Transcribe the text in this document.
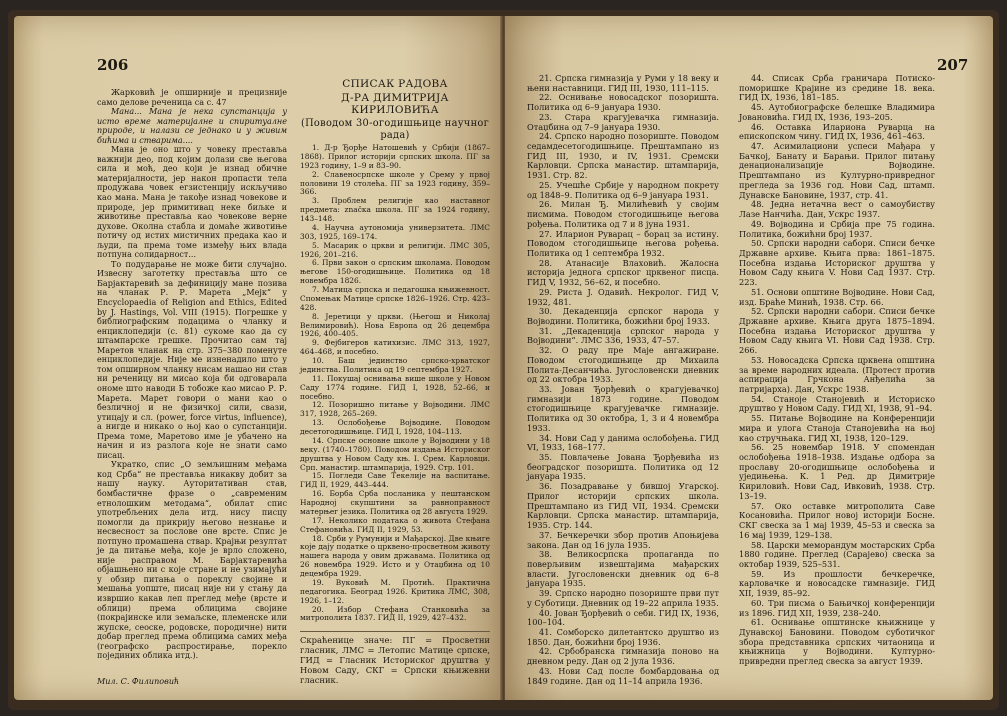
206

Жарковић је опширније и прецизније само делове реченица са с. 47

Мана... Мана је нека супстанција у исто време материјалне и спиритуалне природе, и налази се једнако и у живим бићима и стварима....

Мана је оно што у човеку преставља важнији део, под којим долази све његова сила и моћ, део који је изнад обичне материјалности, јер након пропасти тела продужава човек егзистенцију искључиво као мана. Мана је такође изнад човекове и природе, јер примитивац неке биљке и животиње преставља као човекове верне духове. Околна стабла и домаће животиње потичу од истих мистичних предака као и људи, па према томе између њих влада потпуна солидарност...

То подударање не може бити случајно. Извесну заготетку преставља што се Барјактаревић за дефиницију мане позива на чланак Р. Р. Марета „Мејк“ у Encyclopaedia of Religion and Ethics, Edited by J. Hastings, Vol. VIII (1915). Погрешке у библиографским подацима о чланку и енциклопедији (с. 81) сукоме као да су штампарске грешке. Прочитао сам тај Маретов чланак на стр. 375–380 поменуте енциклопедије. Није ме изненадило што у том опширном чланку нисам нашао ни став ни реченицу ни мисао која би одговарала ономе што наводи Б тобоже као мисао Р. Р. Марета. Марет говори о мани као о безличној и не физичкој сили, свази, утицају и сл. (power, force virtus, influence), а нигде и никако о њој као о супстанцији. Према томе, Маретово име је убачено на начин и из разлога које не знати само писац.

Укратко, спис „О земљишним међама код Срба“ не преставља никакву добит за нашу науку. Ауторитативан став, бомбастичне фразе о „савременим етнолошким методама“, обилат спис употребљених дела итд. нису писцу помогли да прикрију његово незнање и несвесност за послове оне врсте. Спис је потпуно промашена ствар. Крајњи резултат је да питање међа, које је врло сложено, није расправом М. Барјактаревића објашњено ни с које стране и не узимајући у обзир питања о пореклу својине и мешања уопште, писац није ни у стању да извршио какав леп преглед међе (врсте и облици) према облицима својине (покрајинске или земаљске, племенске или жупске, сеоске, родовске, породичне) нити добар преглед према облицима самих међа (географско распростирање, порекло појединих облика итд.).

Мил. С. Филиповић

СПИСАК РАДОВА
Д-РА ДИМИТРИЈА КИРИЛОВИЋА
(Поводом 30-огодишњице научног рада)

1. Д-р Ђорђе Натошевић у Србији (1867–1868). Прилог историји српских школа. ПГ за 1923 годину, 1–9 и 83–90.

2. Славеносрпске школе у Срему у првој половини 19 столећа. ПГ за 1923 годину, 359–366.

3. Проблем религије као наставног предмета: značка школа. ПГ за 1924 годину, 143–148.

4. Научна аутономија универзитета. ЛМС 303, 1925, 169–174.

5. Масарик о цркви и религији. ЛМС 305, 1926, 201–216.

6. Први закон о српским школама. Поводом његове 150-огодишњице. Политика од 18 новембра 1826.

7. Матица српска и педагошка књижевност. Спомењак Матице српске 1826–1926. Стр. 423–428.

8. Јеретици у цркви. (Његош и Николај Велимировић). Нова Европа од 26 децембра 1926, 400–405.

9. Фејбигеров катихизис. ЛМС 313, 1927, 464–468, и посебно.

10. Баш јединство српско-хрватског јединства. Политика од 19 септембра 1927.

11. Покушај оснивања више школе у Новом Саду 1774 године. ГИД I, 1928, 52–66, и посебно.

12. Позоришно питање у Војводини. ЛМС 317, 1928, 265–269.

13. Ослобођење Војводине. Поводом десетогодишњице. ГИД I, 1928, 104–113.

14. Српске основне школе у Војводини у 18 веку. (1740–1780). Поводом издања Историског друштва у Новом Саду књ. I. Срем. Карловци. Срп. манастир. штампарија, 1929. Стр. 101.

15. Погледи Саве Текелије на васпитање. ГИД II, 1929, 443–444.

16. Борба Срба посланика у пештанском Народној скупштини за равноправност матерњег језика. Политика од 28 августа 1929.

17. Неколико података о живота Стефана Стефановића. ГИД II, 1929, 53.

18. Срби у Румунији и Мађарској. Две књиге које дају податке о црквено-просветном животу нашега народа у овим државама. Политика од 26 новембра 1929. Исто и у Отаџбина од 10 децембра 1929.

19. Вуковић М. Протић. Практична педагогика. Београд 1926. Критика ЛМС, 308, 1926, 1–12.

20. Избор Стефана Станковића за митрополита 1837. ГИД II, 1929, 427–432.

Скраћенице значе: ПГ = Просветни гласник, ЛМС = Летопис Матице српске, ГИД = Гласник Историског друштва у Новом Саду, СКГ = Српски књижевни гласник.

207

21. Српска гимназија у Руми у 18 веку и њени наставници. ГИД III, 1930, 111–115.

22. Оснивање новосадског позоришта. Политика од 6–9 јануара 1930.

23. Стара крагујевачка гимназија. Отаџбина од 7–9 јануара 1930.

24. Српско народно позориште. Поводом седамдесетогодишњице. Прештампано из ГИД III, 1930, и IV, 1931. Сремски Карловци. Српска манастир. штампарија, 1931. Стр. 82.

25. Учешће Србије у народном покрету од 1848–9. Политика од 6–9 јануара 1931.

26. Милан Ђ. Милићевић у својим писмима. Поводом стогодишњице његова рођења. Политика од 7 и 8 јуна 1931.

27. Иларион Руварац – борац за истину. Поводом стогодишњице његова рођења. Политика од 1 септембра 1932.

28. Атанасије Влаховић. Жалосна историја једнога српског црквеног писца. ГИД V, 1932, 56–62, и посебно.

29. Риста J. Одавић. Некролог. ГИД V, 1932, 481.

30. Декаденција српског народа у Војводини. Политика, божићни број 1933.

31. „Декаденција српског народа у Војводини“. ЛМС 336, 1933, 47–57.

32. О раду пре Маје ангажиране. Поводом стогодишњице др Михаила Полита-Десанчића. Југословенски дневник од 22 октобра 1933.

33. Јован Ђорђевић о крагујевачкој гимназији 1873 године. Поводом стогодишњице крагујевачке гимназије. Политика од 30 октобра, 1, 3 и 4 новембра 1933.

34. Нови Сад у данима ослобођења. ГИД VI, 1933, 168–177.

35. Повлачење Јована Ђорђевића из београдског позоришта. Политика од 12 јануара 1935.

36. Позадравање у бившој Угарској. Прилог историји српских школа. Прештампано из ГИД VII, 1934. Сремски Карловци. Српска манастир. штампарија, 1935. Стр. 144.

37. Бечкеречки збор против Апоњијева закона. Дан од 16 јула 1935.

38. Великосрпска пропаганда по поверљивим извештајима мађарских власти. Југословенски дневник од 6–8 јануара 1935.

39. Српско народно позориште први пут у Суботици. Дневник од 19–22 априла 1935.

40. Јован Ђорђевић о себи. ГИД IX, 1936, 100–104.

41. Сомборско дилетантско друштво из 1850. Дан, божићни број 1936.

42. Србобранска гимназија поново на дневном реду. Дан од 2 јула 1936.

43. Нови Сад после бомбардовања од 1849 године. Дан од 11–14 априла 1936.

44. Списак Срба граничара Потиско-поморишке Крајине из средине 18. века. ГИД IX, 1936, 181–185.

45. Аутобиографске белешке Владимира Јовановића. ГИД IX, 1936, 193–205.

46. Оставка Илариона Руварца на епископском чину. ГИД IX, 1936, 461–463.

47. Асимилациони успеси Мађара у Бачкој, Банату и Барањи. Прилог питању денационализације Војводине. Прештампано из Културно-привредног прегледа за 1936 год. Нови Сад, штамп. Дунавске Бановине, 1937, стр. 41.

48. Једна нетачна вест о самоубиству Лазе Нанчића. Дан, Ускрс 1937.

49. Војводина и Србија пре 75 година. Политика, божићни број 1937.

50. Српски народни сабори. Списи бечке Државне архиве. Књига прва: 1861–1875. Посебна издања Историског друштва у Новом Саду књига V. Нови Сад 1937. Стр. 223.

51. Основи општине Војводине. Нови Сад, изд. Браће Минић, 1938. Стр. 66.

52. Српски народни сабори. Списи бечке Државне архиве. Књига друга 1875–1894. Посебна издања Историског друштва у Новом Саду књига VI. Нови Сад 1938. Стр. 266.

53. Новосадска Српска црквена општина за време народних идеала. (Протест против аспирација Грчкона Анђелића за патријарха). Дан, Ускрс 1938.

54. Станоје Станојевић и Историско друштво у Новом Саду. ГИД XI, 1938, 91–94.

55. Питање Војводине на Конференцији мира и улога Станоја Станојевића на њој као стручњака. ГИД XI, 1938, 120–129.

56. 25 новембар 1918. У спомендан ослобођења 1918–1938. Издање одбора за прославу 20-огодишњице ослобођења и уједињења. К. 1 Ред. др Димитрије Кириловић. Нови Сад, Ивковић, 1938. Стр. 13–19.

57. Око оставке митрополита Саве Косановића. Прилог новој историји Босне. СКГ свеска за 1 мај 1939, 45–53 и свеска за 16 мај 1939, 129–138.

58. Царски меморандум мостарских Срба 1880 године. Преглед (Сарајево) свеска за октобар 1939, 525–531.

59. Из прошлости бечкеречке, карловачке и новосадске гимназије. ГИД XII, 1939, 85–92.

60. Три писма о Бањичкој конференцији из 1896. ГИД XII, 1939, 238–240.

61. Оснивање општинске књижнице у Дунавској Бановини. Поводом суботичког збора представника српских читаоница и књижница у Војводини. Културно-привредни преглед свеска за август 1939.
